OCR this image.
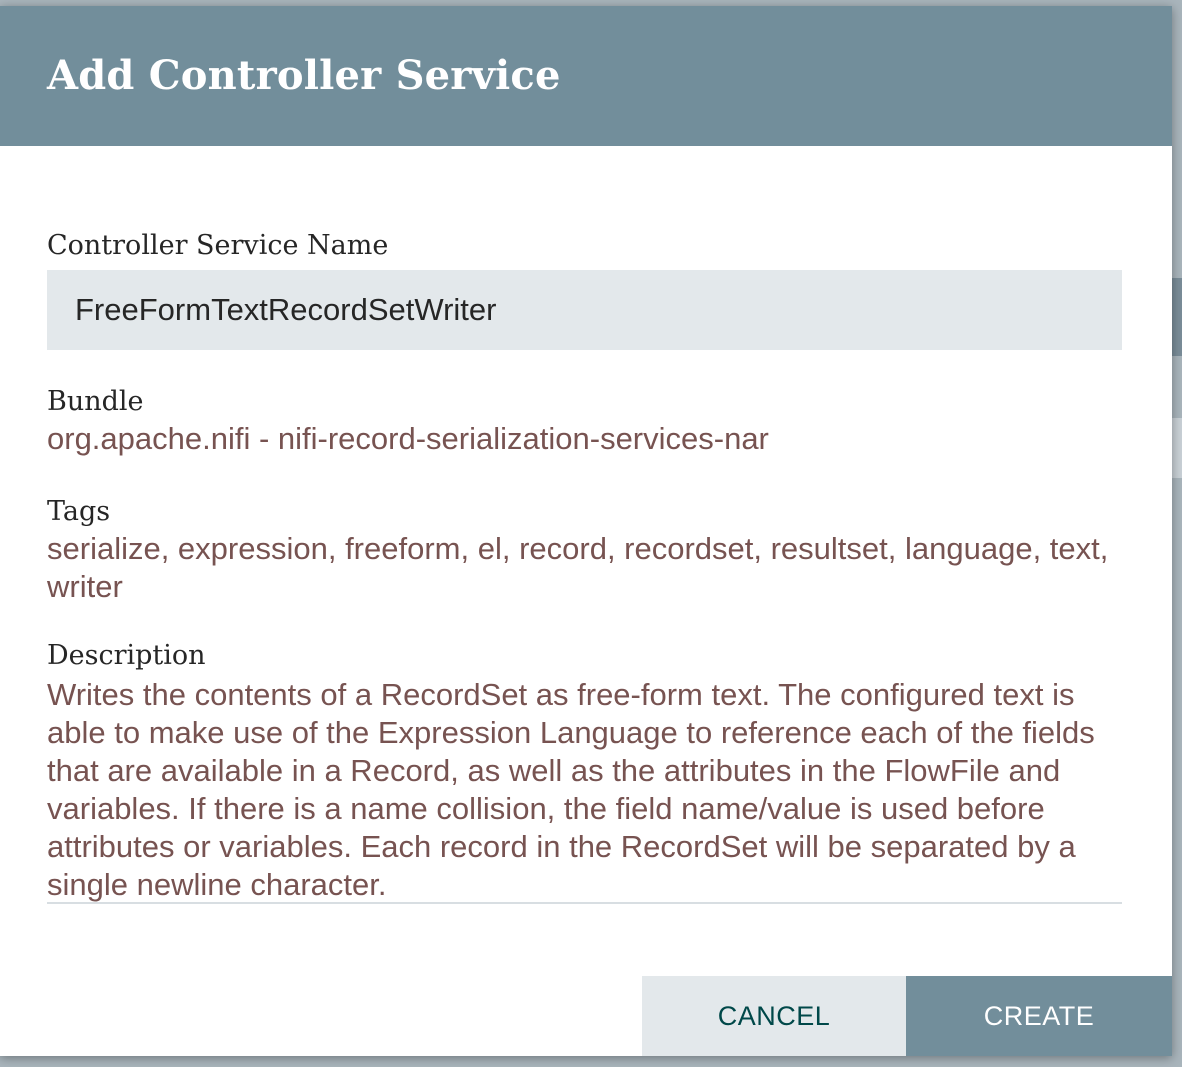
Add Controller Service
Controller Service Name
FreeFormTextRecordSetWriter
Bundle
org.apache.nifi - nifi-record-serialization-services-nar
Tags
serialize, expression, freeform, el, record, recordset, resultset, language, text, writer
Description
Writes the contents of a RecordSet as free-form text. The configured text is able to make use of the Expression Language to reference each of the fields that are available in a Record, as well as the attributes in the FlowFile and variables. If there is a name collision, the field name/value is used before attributes or variables. Each record in the RecordSet will be separated by a single newline character.
CANCEL	CREATE
